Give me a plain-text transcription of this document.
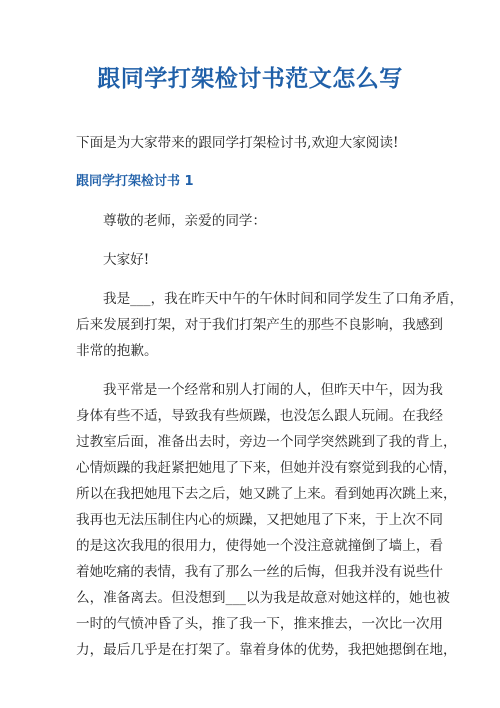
跟同学打架检讨书范文怎么写

下面是为大家带来的跟同学打架检讨书,欢迎大家阅读!

跟同学打架检讨书 1

尊敬的老师，亲爱的同学：

大家好!

我是___，我在昨天中午的午休时间和同学发生了口角矛盾，

后来发展到打架，对于我们打架产生的那些不良影响，我感到

非常的抱歉。

我平常是一个经常和别人打闹的人，但昨天中午，因为我

身体有些不适，导致我有些烦躁，也没怎么跟人玩闹。在我经

过教室后面，准备出去时，旁边一个同学突然跳到了我的背上，

心情烦躁的我赶紧把她甩了下来，但她并没有察觉到我的心情，

所以在我把她甩下去之后，她又跳了上来。看到她再次跳上来，

我再也无法压制住内心的烦躁，又把她甩了下来，于上次不同

的是这次我甩的很用力，使得她一个没注意就撞倒了墙上，看

着她吃痛的表情，我有了那么一丝的后悔，但我并没有说些什

么，准备离去。但没想到___以为我是故意对她这样的，她也被

一时的气愤冲昏了头，推了我一下，推来推去，一次比一次用

力，最后几乎是在打架了。靠着身体的优势，我把她摁倒在地，
